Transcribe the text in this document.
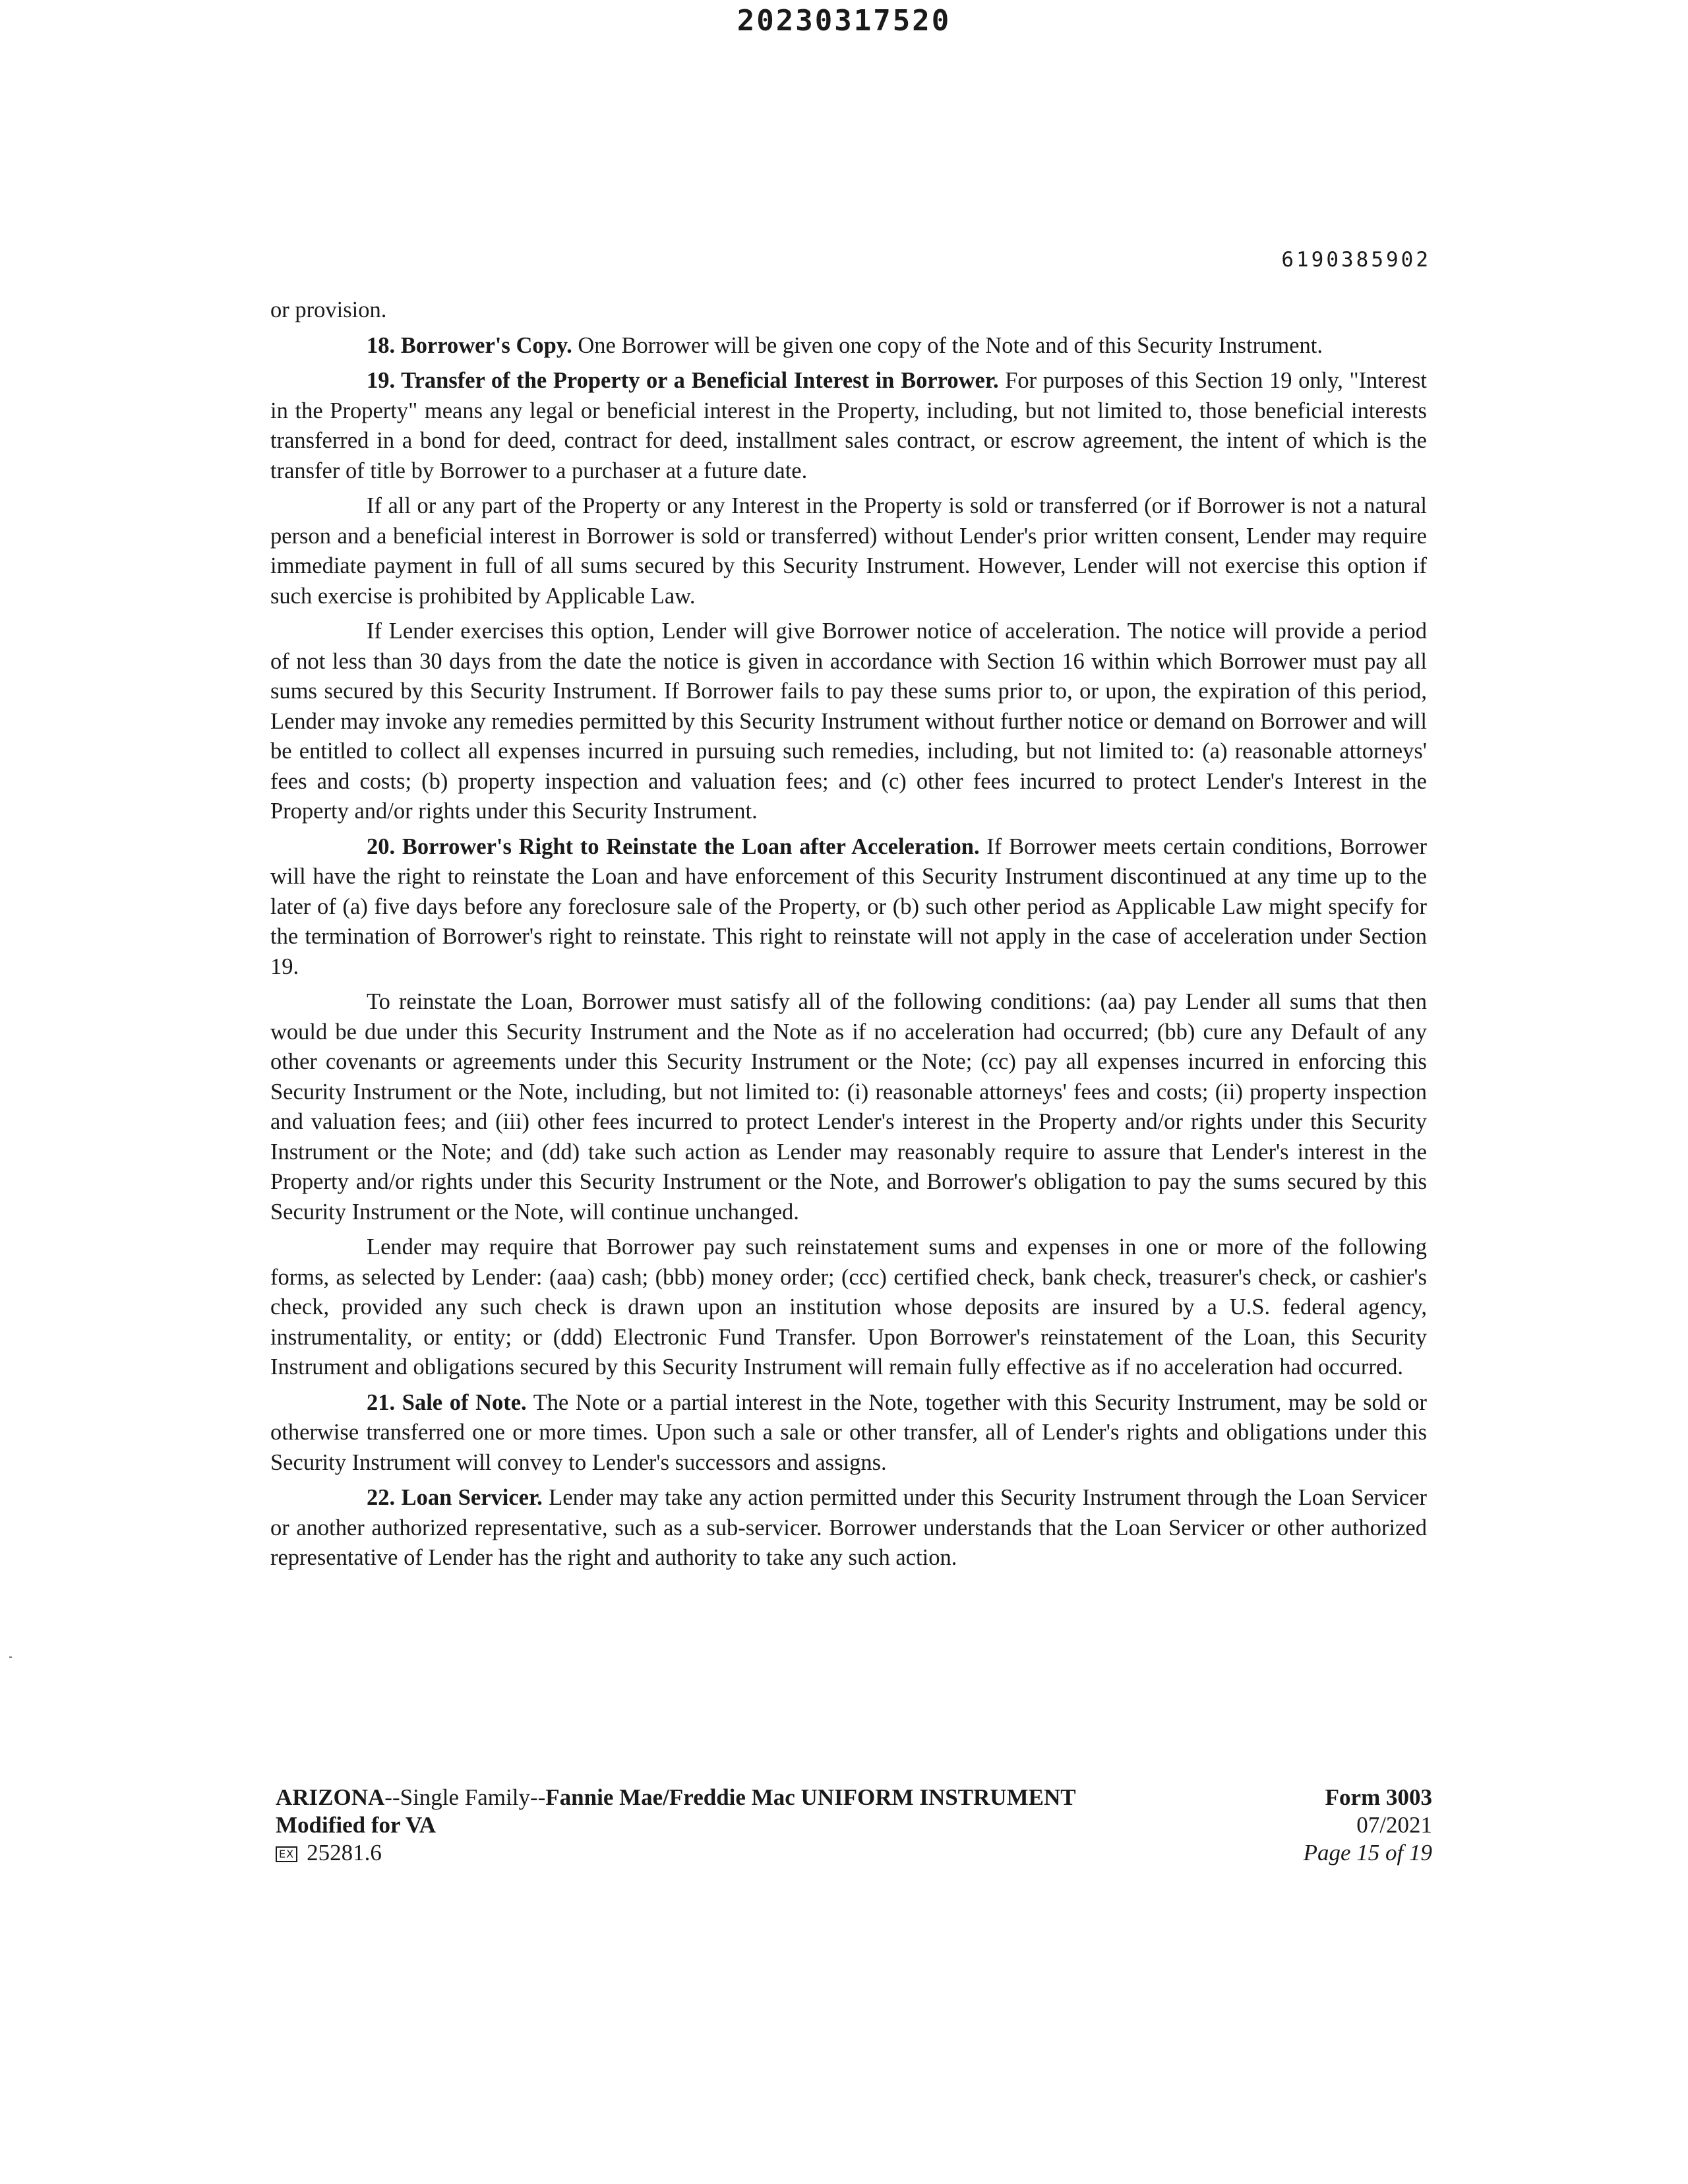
20230317520
6190385902

or provision.

18. Borrower's Copy. One Borrower will be given one copy of the Note and of this Security Instrument.

19. Transfer of the Property or a Beneficial Interest in Borrower. For purposes of this Section 19 only, "Interest in the Property" means any legal or beneficial interest in the Property, including, but not limited to, those beneficial interests transferred in a bond for deed, contract for deed, installment sales contract, or escrow agreement, the intent of which is the transfer of title by Borrower to a purchaser at a future date.

If all or any part of the Property or any Interest in the Property is sold or transferred (or if Borrower is not a natural person and a beneficial interest in Borrower is sold or transferred) without Lender's prior written consent, Lender may require immediate payment in full of all sums secured by this Security Instrument. However, Lender will not exercise this option if such exercise is prohibited by Applicable Law.

If Lender exercises this option, Lender will give Borrower notice of acceleration. The notice will provide a period of not less than 30 days from the date the notice is given in accordance with Section 16 within which Borrower must pay all sums secured by this Security Instrument. If Borrower fails to pay these sums prior to, or upon, the expiration of this period, Lender may invoke any remedies permitted by this Security Instrument without further notice or demand on Borrower and will be entitled to collect all expenses incurred in pursuing such remedies, including, but not limited to: (a) reasonable attorneys' fees and costs; (b) property inspection and valuation fees; and (c) other fees incurred to protect Lender's Interest in the Property and/or rights under this Security Instrument.

20. Borrower's Right to Reinstate the Loan after Acceleration. If Borrower meets certain conditions, Borrower will have the right to reinstate the Loan and have enforcement of this Security Instrument discontinued at any time up to the later of (a) five days before any foreclosure sale of the Property, or (b) such other period as Applicable Law might specify for the termination of Borrower's right to reinstate. This right to reinstate will not apply in the case of acceleration under Section 19.

To reinstate the Loan, Borrower must satisfy all of the following conditions: (aa) pay Lender all sums that then would be due under this Security Instrument and the Note as if no acceleration had occurred; (bb) cure any Default of any other covenants or agreements under this Security Instrument or the Note; (cc) pay all expenses incurred in enforcing this Security Instrument or the Note, including, but not limited to: (i) reasonable attorneys' fees and costs; (ii) property inspection and valuation fees; and (iii) other fees incurred to protect Lender's interest in the Property and/or rights under this Security Instrument or the Note; and (dd) take such action as Lender may reasonably require to assure that Lender's interest in the Property and/or rights under this Security Instrument or the Note, and Borrower's obligation to pay the sums secured by this Security Instrument or the Note, will continue unchanged.

Lender may require that Borrower pay such reinstatement sums and expenses in one or more of the following forms, as selected by Lender: (aaa) cash; (bbb) money order; (ccc) certified check, bank check, treasurer's check, or cashier's check, provided any such check is drawn upon an institution whose deposits are insured by a U.S. federal agency, instrumentality, or entity; or (ddd) Electronic Fund Transfer. Upon Borrower's reinstatement of the Loan, this Security Instrument and obligations secured by this Security Instrument will remain fully effective as if no acceleration had occurred.

21. Sale of Note. The Note or a partial interest in the Note, together with this Security Instrument, may be sold or otherwise transferred one or more times. Upon such a sale or other transfer, all of Lender's rights and obligations under this Security Instrument will convey to Lender's successors and assigns.

22. Loan Servicer. Lender may take any action permitted under this Security Instrument through the Loan Servicer or another authorized representative, such as a sub-servicer. Borrower understands that the Loan Servicer or other authorized representative of Lender has the right and authority to take any such action.

ARIZONA--Single Family--Fannie Mae/Freddie Mac UNIFORM INSTRUMENT
Modified for VA
EX 25281.6
Form 3003
07/2021
Page 15 of 19
